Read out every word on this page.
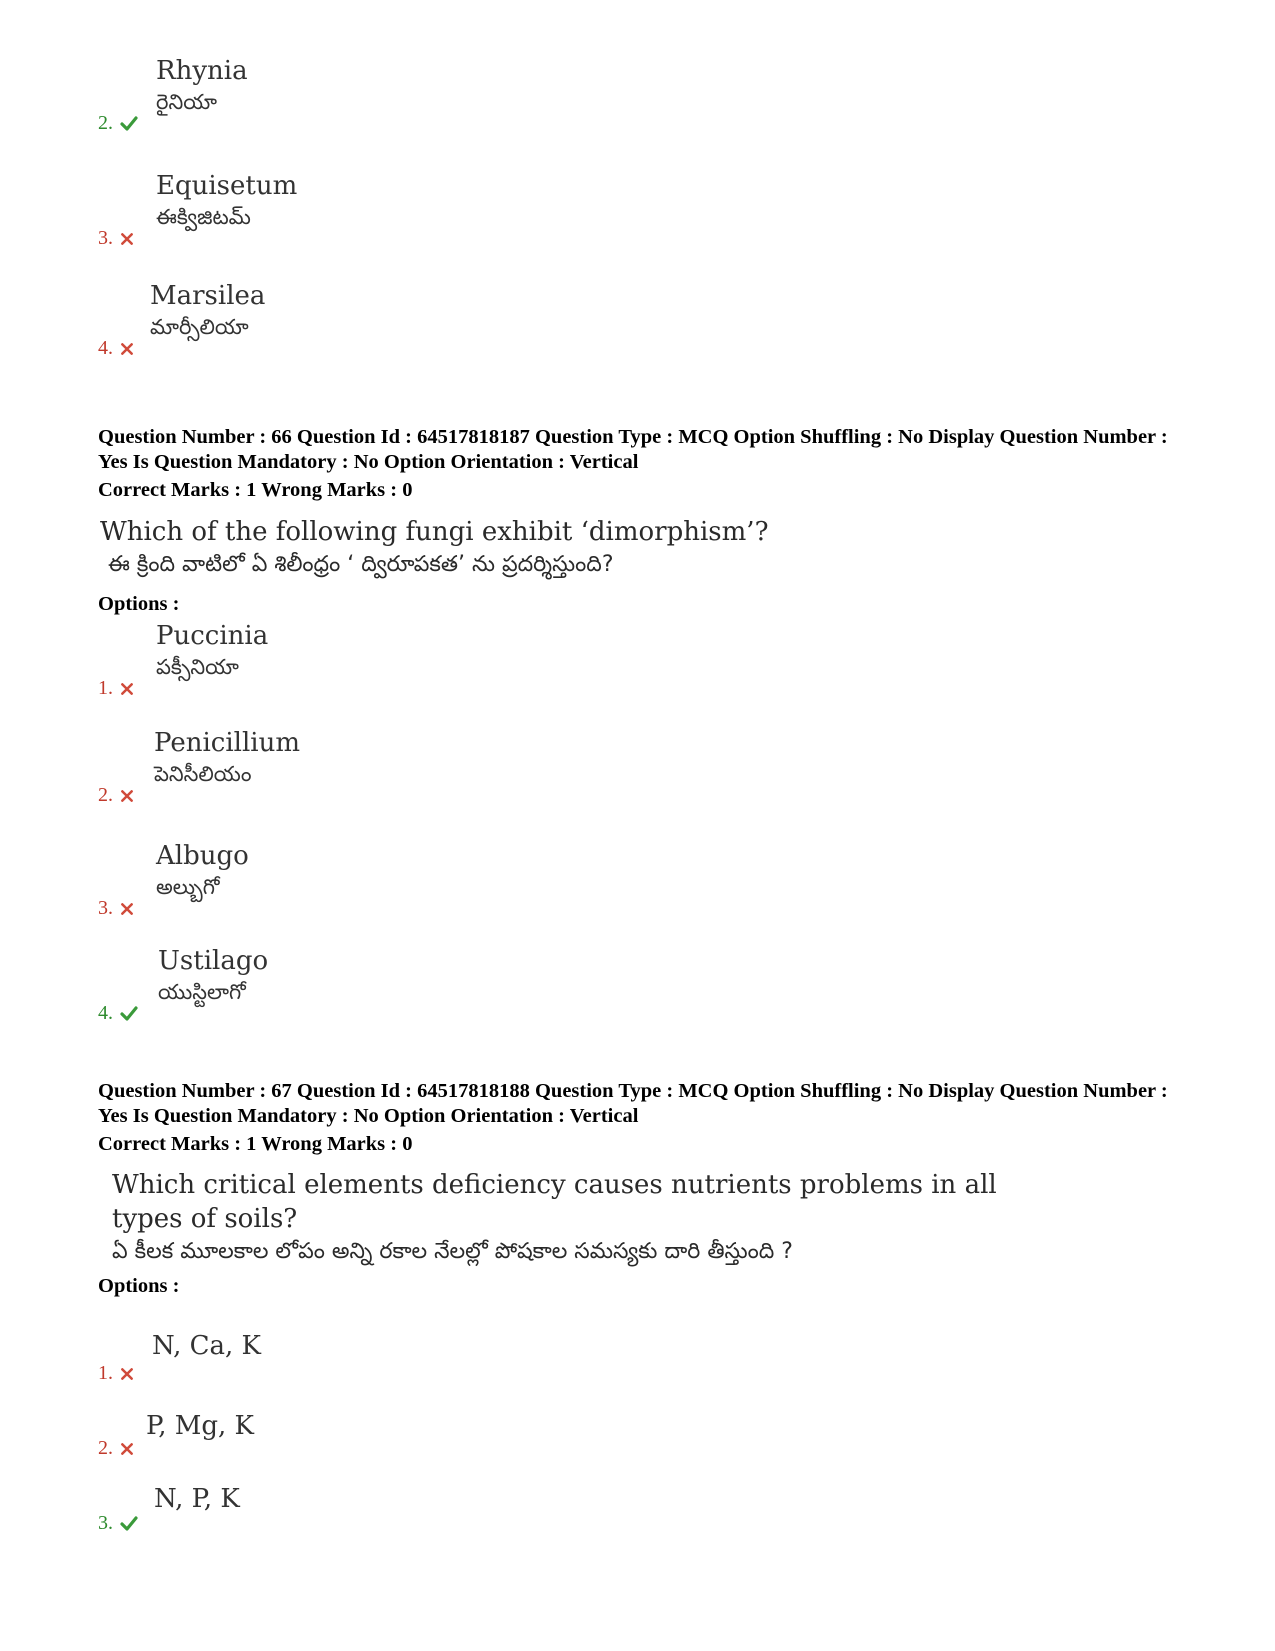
2.
Rhynia
రైనియా
3.
Equisetum
ఈక్విజిటమ్
4.
Marsilea
మార్సీలియా

Question Number : 66 Question Id : 64517818187 Question Type : MCQ Option Shuffling : No Display Question Number : Yes Is Question Mandatory : No Option Orientation : Vertical

Correct Marks : 1 Wrong Marks : 0
Which of the following fungi exhibit ‘dimorphism’?
ఈ క్రింది వాటిలో ఏ శిలీంధ్రం ‘ ద్విరూపకత’ ను ప్రదర్శిస్తుంది?
Options :
1.
Puccinia
పక్సీనియా
2.
Penicillium
పెనిసీలియం
3.
Albugo
అల్బుగో
4.
Ustilago
యుస్టిలాగో

Question Number : 67 Question Id : 64517818188 Question Type : MCQ Option Shuffling : No Display Question Number : Yes Is Question Mandatory : No Option Orientation : Vertical

Correct Marks : 1 Wrong Marks : 0
Which critical elements deficiency causes nutrients problems in all
types of soils?
ఏ కీలక మూలకాల లోపం అన్ని రకాల నేలల్లో పోషకాల సమస్యకు దారి తీస్తుంది ?
Options :
1.
N, Ca, K
2.
P, Mg, K
3.
N, P, K
